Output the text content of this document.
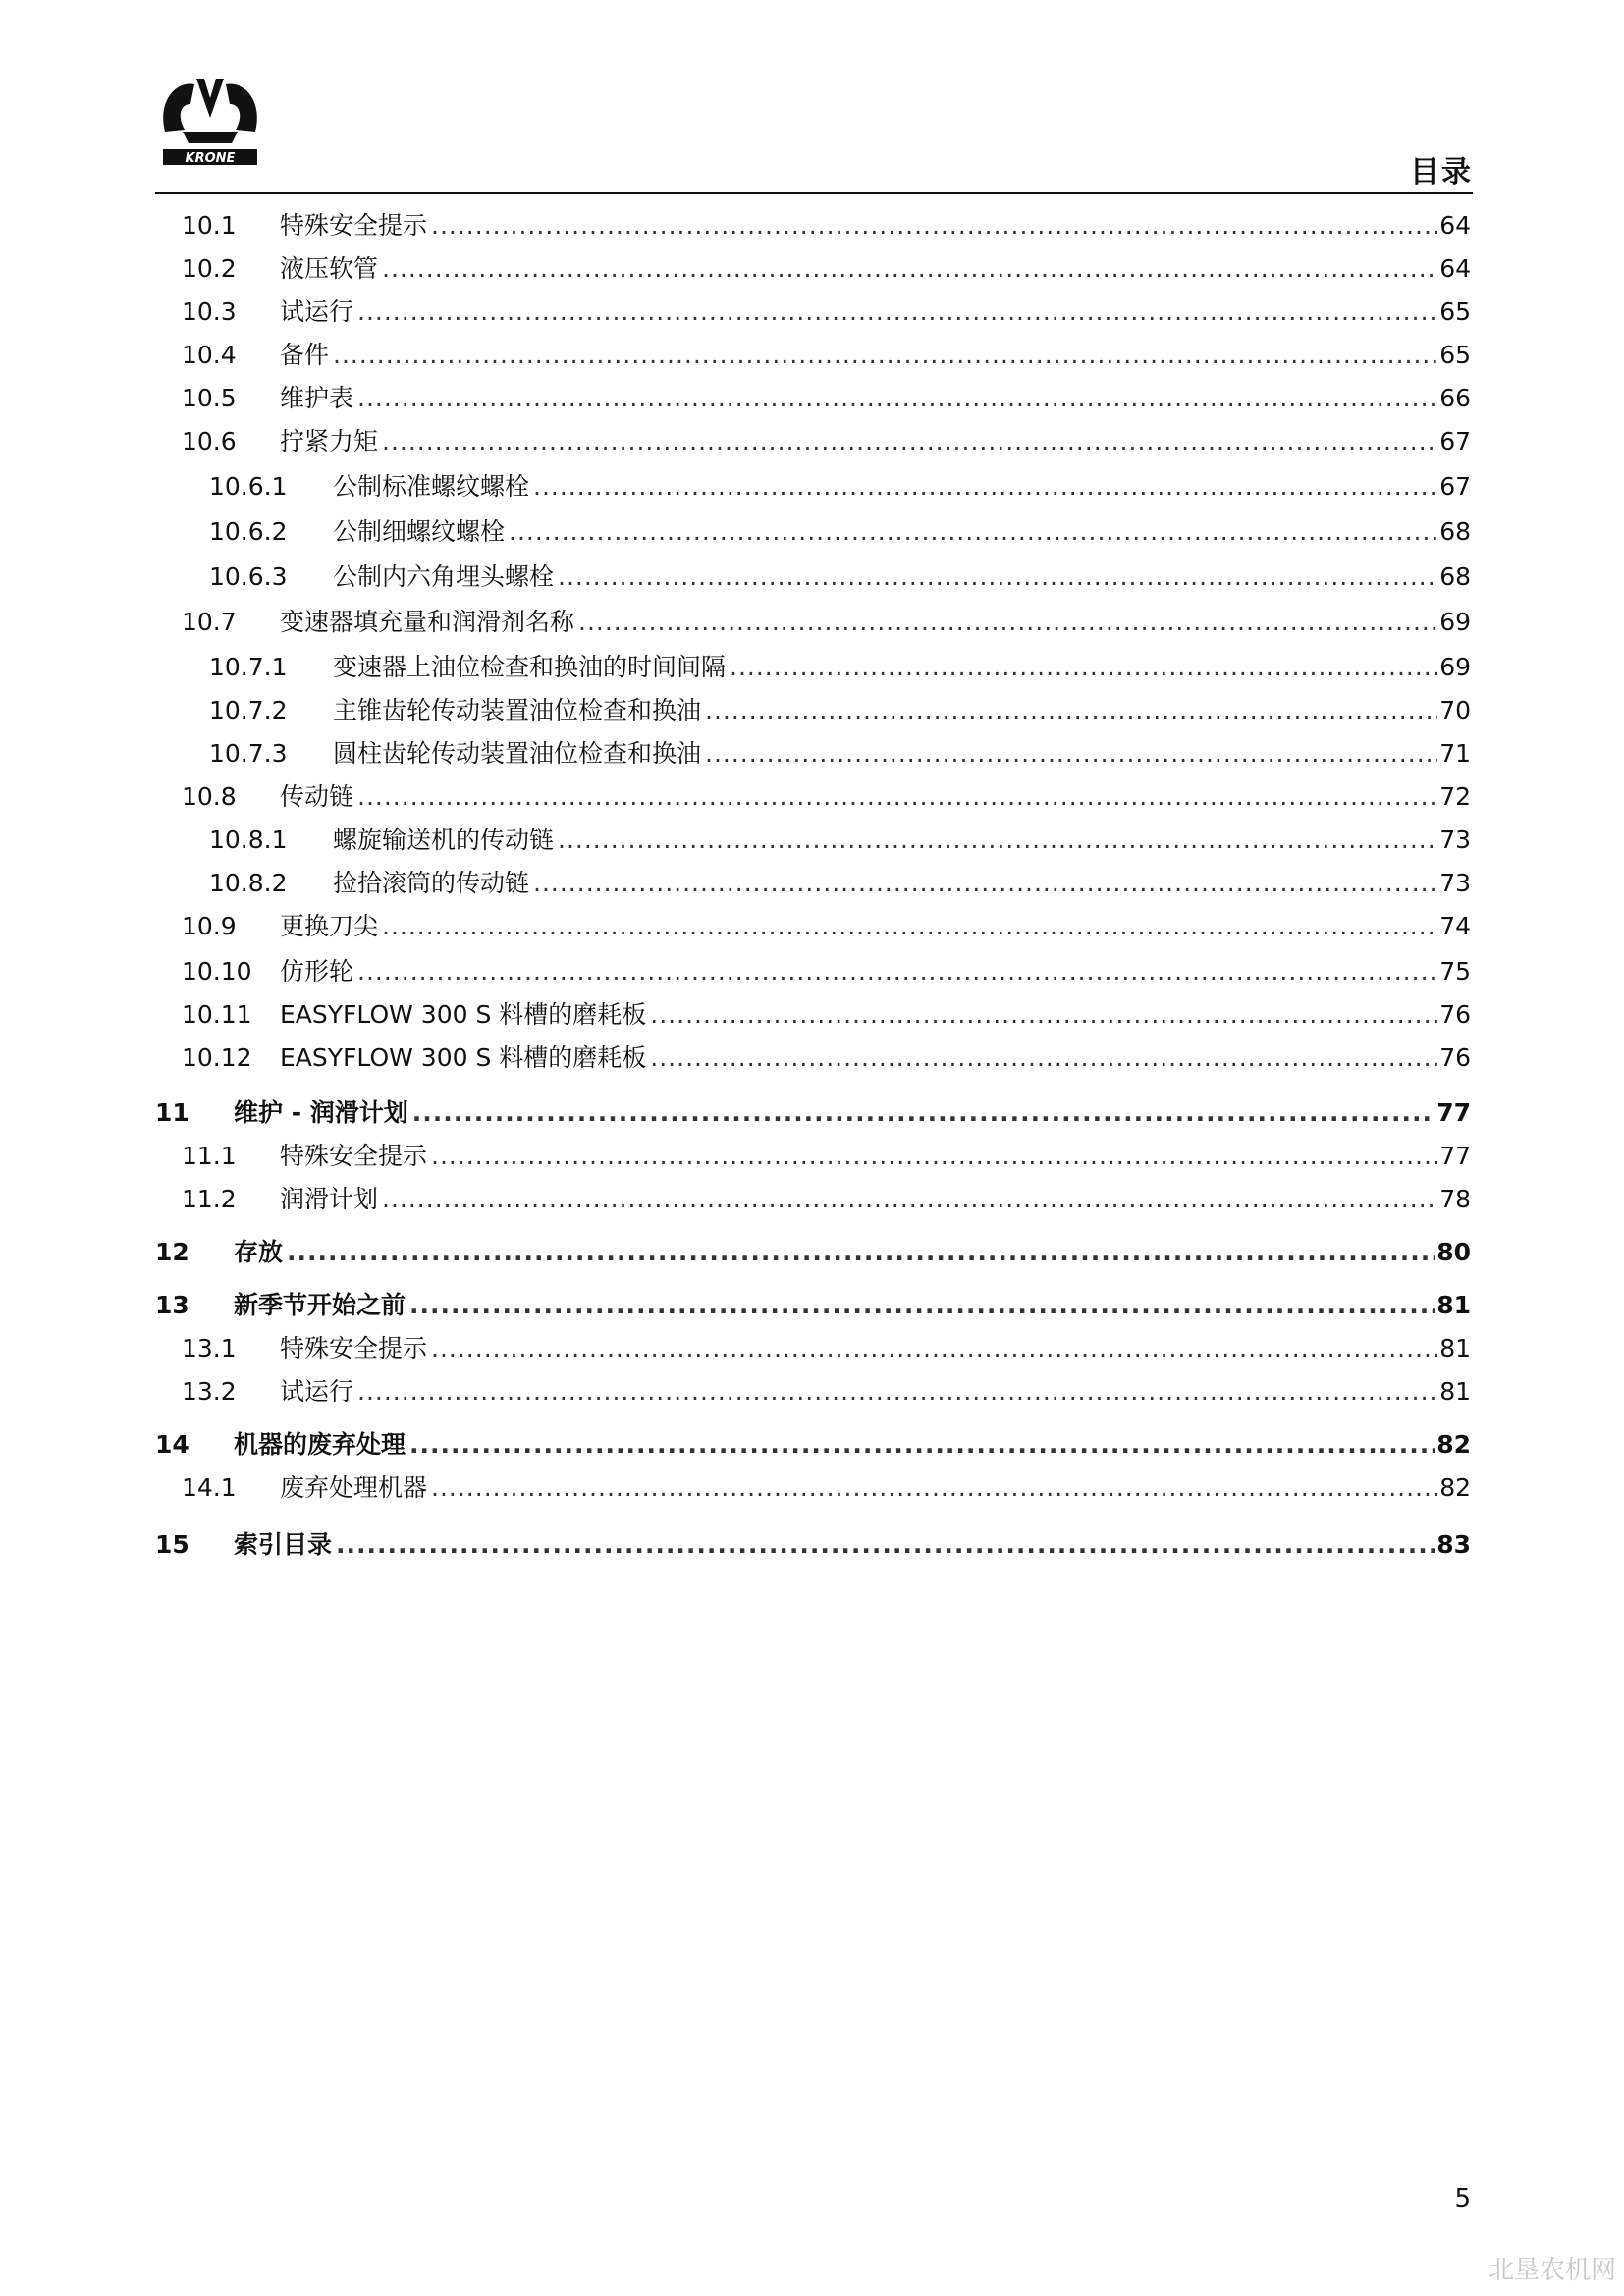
KRONE	目录
10.1	特殊安全提示 .....	64
10.2	液压软管 .....	64
10.3	试运行 .....	65
10.4	备件 .....	65
10.5	维护表 .....	66
10.6	拧紧力矩 .....	67
10.6.1	公制标准螺纹螺栓 .....	67
10.6.2	公制细螺纹螺栓 .....	68
10.6.3	公制内六角埋头螺栓 .....	68
10.7	变速器填充量和润滑剂名称 .....	69
10.7.1	变速器上油位检查和换油的时间间隔 .....	69
10.7.2	主锥齿轮传动装置油位检查和换油 .....	70
10.7.3	圆柱齿轮传动装置油位检查和换油 .....	71
10.8	传动链 .....	72
10.8.1	螺旋输送机的传动链 .....	73
10.8.2	捡拾滚筒的传动链 .....	73
10.9	更换刀尖 .....	74
10.10	仿形轮 .....	75
10.11	EASYFLOW 300 S 料槽的磨耗板 .....	76
10.12	EASYFLOW 300 S 料槽的磨耗板 .....	76
11	维护 - 润滑计划 .....	77
11.1	特殊安全提示 .....	77
11.2	润滑计划 .....	78
12	存放 .....	80
13	新季节开始之前 .....	81
13.1	特殊安全提示 .....	81
13.2	试运行 .....	81
14	机器的废弃处理 .....	82
14.1	废弃处理机器 .....	82
15	索引目录 .....	83
5
北垦农机网
